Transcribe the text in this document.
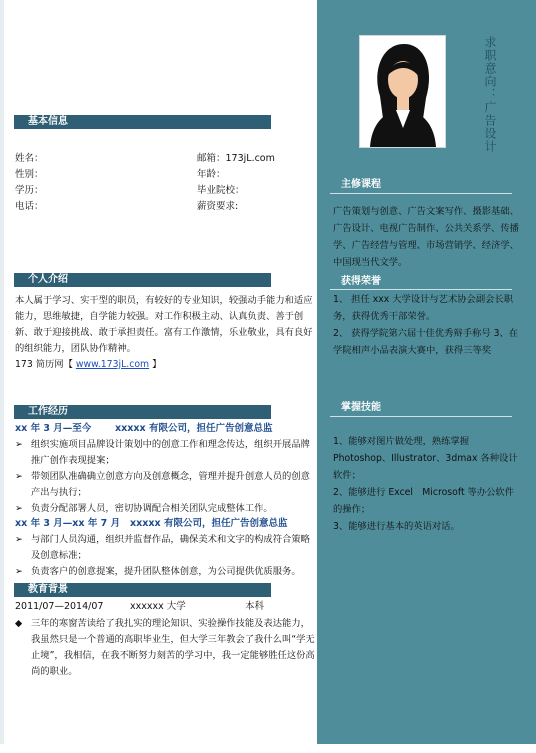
基本信息
姓名：
性别：
学历：
电话：
邮箱：173jL.com
年龄：
毕业院校：
薪资要求:
个人介绍
本人属于学习、实干型的职员，有较好的专业知识，较强动手能力和适应能力，思维敏捷，自学能力较强。对工作积极主动、认真负责、善于创新、敢于迎接挑战、敢于承担责任。富有工作激情，乐业敬业，具有良好的组织能力，团队协作精神。
173 简历网【 www.173jL.com 】
工作经历
xx 年 3 月—至今 xxxxx 有限公司，担任广告创意总监
➢ 组织实施项目品牌设计策划中的创意工作和理念传达，组织开展品牌推广创作表现提案；
➢ 带领团队准确确立创意方向及创意概念，管理并提升创意人员的创意产出与执行；
➢ 负责分配部署人员，密切协调配合相关团队完成整体工作。
xx 年 3 月—xx 年 7 月 xxxxx 有限公司，担任广告创意总监
➢ 与部门人员沟通，组织并监督作品，确保美术和文字的构成符合策略及创意标准；
➢ 负责客户的创意提案，提升团队整体创意，为公司提供优质服务。
教育背景
2011/07—2014/07	xxxxxx 大学	本科
◆ 三年的寒窗苦读给了我扎实的理论知识、实验操作技能及表达能力，我虽然只是一个普通的高职毕业生，但大学三年教会了我什么叫“学无止境”，我相信，在我不断努力刻苦的学习中，我一定能够胜任这份高尚的职业。
求职意向：广告设计
主修课程
广告策划与创意、广告文案写作、摄影基础、广告设计、电视广告制作、公共关系学、传播学、广告经营与管理、市场营销学、经济学、中国现当代文学。
获得荣誉
1、 担任 xxx 大学设计与艺术协会副会长职务，获得优秀干部荣誉。
2、 获得学院第六届十佳优秀辩手称号 3、在学院相声小品表演大赛中，获得三等奖
掌握技能
1、能够对图片做处理，熟练掌握 Photoshop、Illustrator、3dmax 各种设计软件；
2、能够进行 Excel　Microsoft 等办公软件的操作；
3、能够进行基本的英语对话。
